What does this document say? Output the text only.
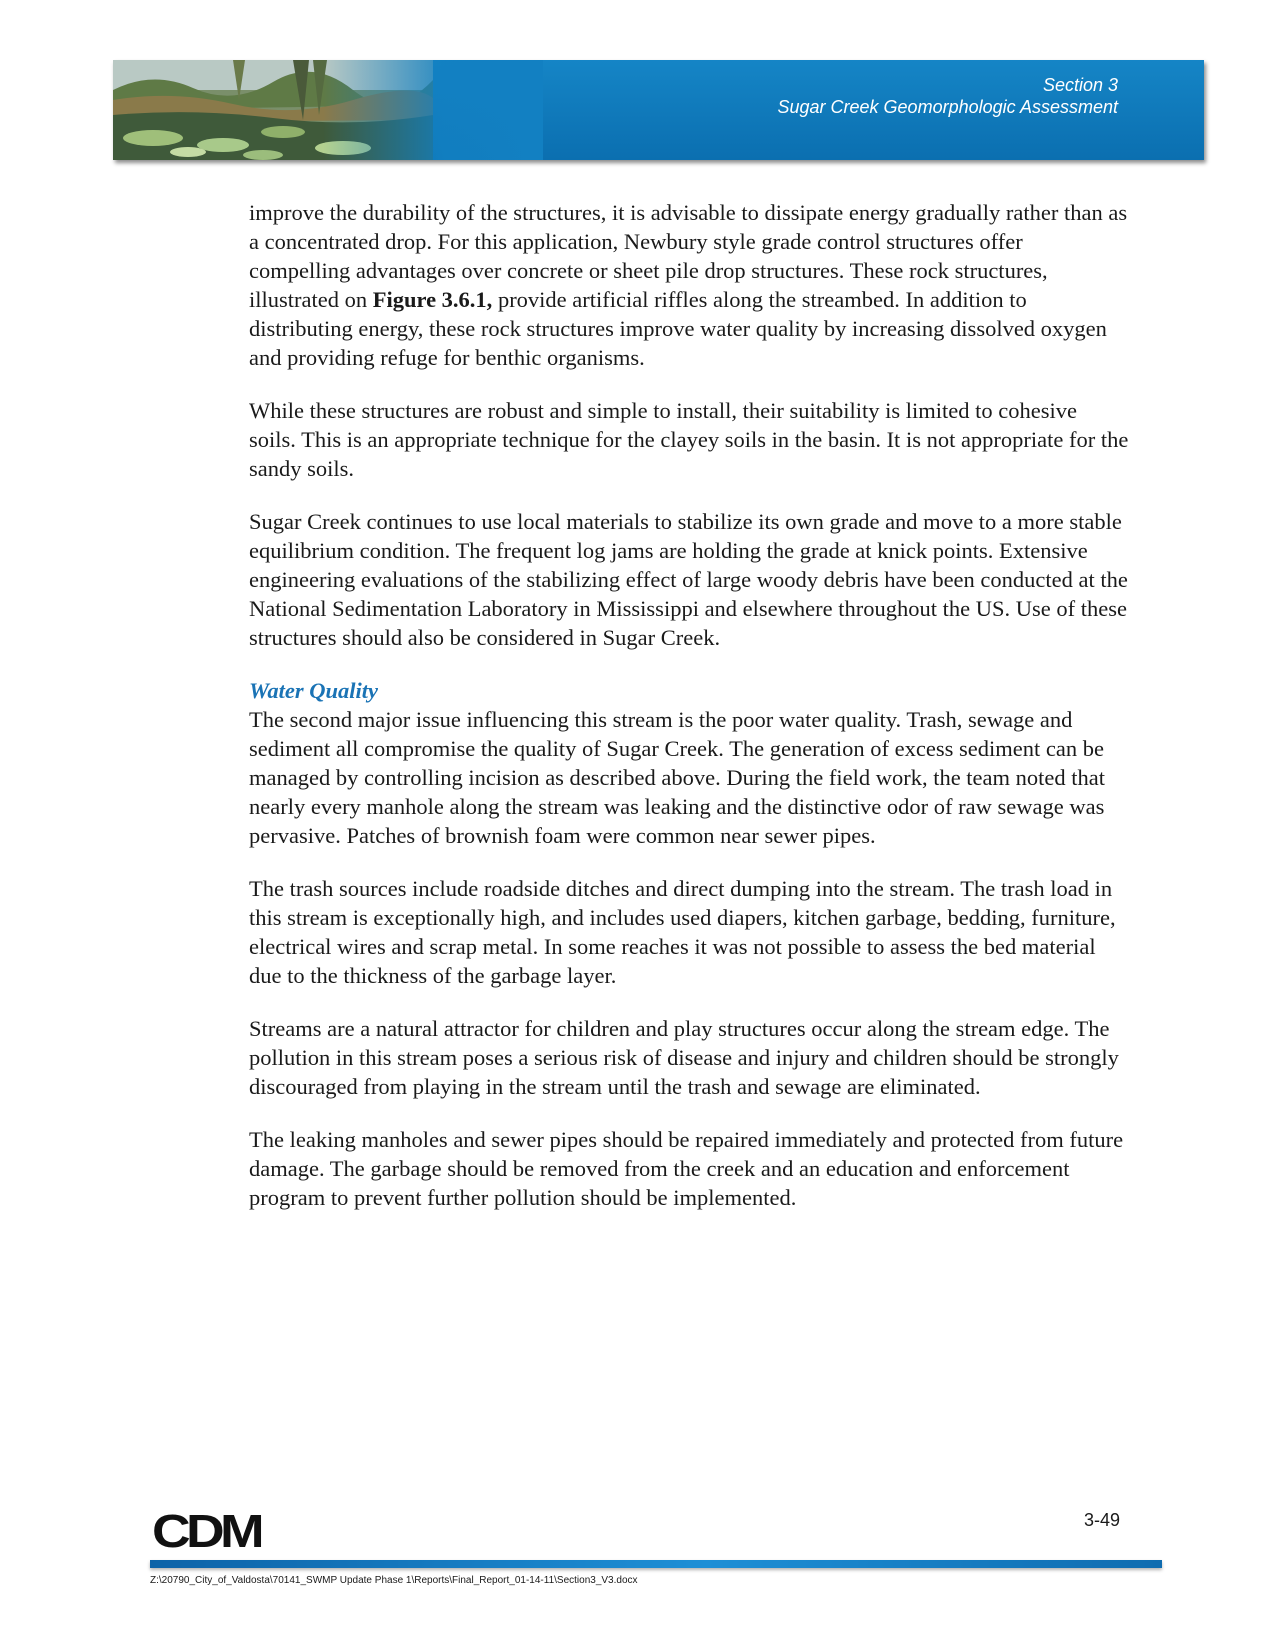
Section 3
Sugar Creek Geomorphologic Assessment

improve the durability of the structures, it is advisable to dissipate energy gradually rather than as a concentrated drop. For this application, Newbury style grade control structures offer compelling advantages over concrete or sheet pile drop structures. These rock structures, illustrated on Figure 3.6.1, provide artificial riffles along the streambed. In addition to distributing energy, these rock structures improve water quality by increasing dissolved oxygen and providing refuge for benthic organisms.

While these structures are robust and simple to install, their suitability is limited to cohesive soils. This is an appropriate technique for the clayey soils in the basin. It is not appropriate for the sandy soils.

Sugar Creek continues to use local materials to stabilize its own grade and move to a more stable equilibrium condition. The frequent log jams are holding the grade at knick points. Extensive engineering evaluations of the stabilizing effect of large woody debris have been conducted at the National Sedimentation Laboratory in Mississippi and elsewhere throughout the US. Use of these structures should also be considered in Sugar Creek.

Water Quality

The second major issue influencing this stream is the poor water quality. Trash, sewage and sediment all compromise the quality of Sugar Creek. The generation of excess sediment can be managed by controlling incision as described above. During the field work, the team noted that nearly every manhole along the stream was leaking and the distinctive odor of raw sewage was pervasive. Patches of brownish foam were common near sewer pipes.

The trash sources include roadside ditches and direct dumping into the stream. The trash load in this stream is exceptionally high, and includes used diapers, kitchen garbage, bedding, furniture, electrical wires and scrap metal. In some reaches it was not possible to assess the bed material due to the thickness of the garbage layer.

Streams are a natural attractor for children and play structures occur along the stream edge. The pollution in this stream poses a serious risk of disease and injury and children should be strongly discouraged from playing in the stream until the trash and sewage are eliminated.

The leaking manholes and sewer pipes should be repaired immediately and protected from future damage. The garbage should be removed from the creek and an education and enforcement program to prevent further pollution should be implemented.

CDM	3-49
Z:\20790_City_of_Valdosta\70141_SWMP Update Phase 1\Reports\Final_Report_01-14-11\Section3_V3.docx
